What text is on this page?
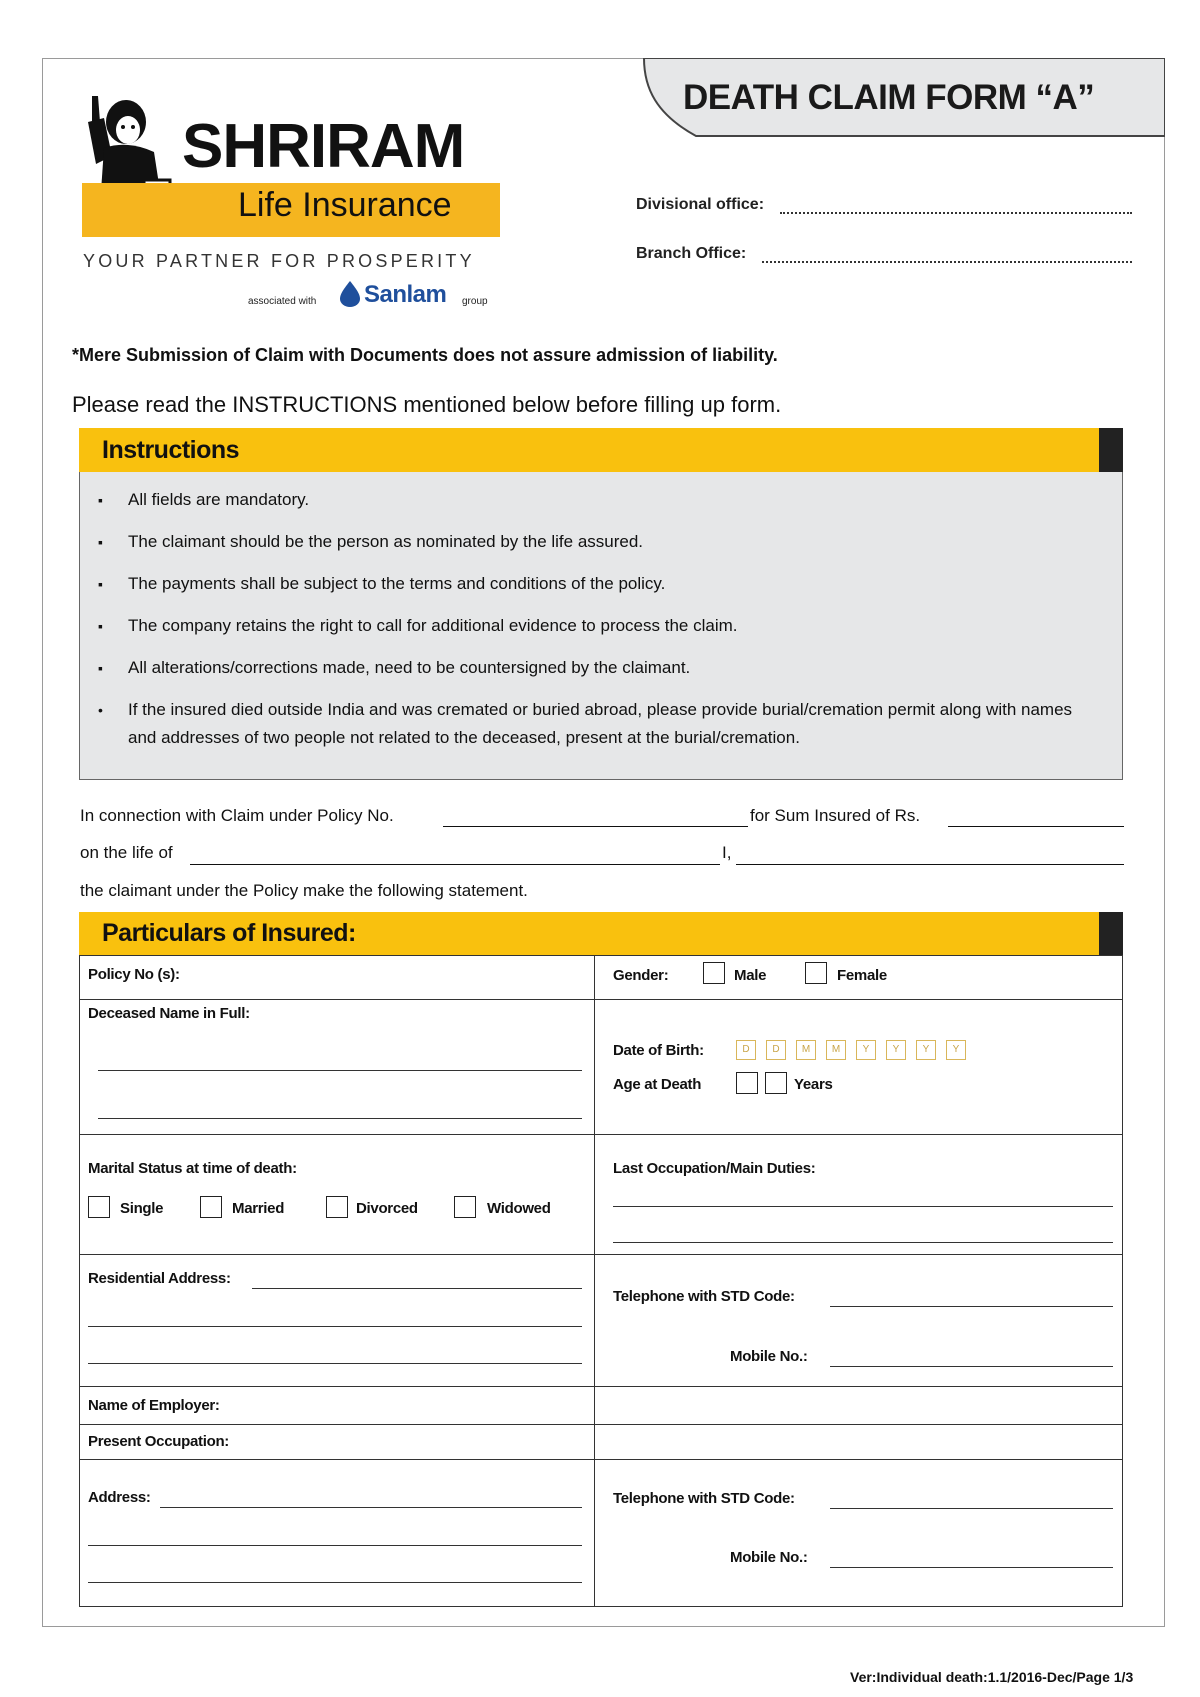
DEATH CLAIM FORM “A”
SHRIRAM
Life Insurance
YOUR PARTNER FOR PROSPERITY
associated with Sanlam group
Divisional office:
Branch Office:
*Mere Submission of Claim with Documents does not assure admission of liability.
Please read the INSTRUCTIONS mentioned below before filling up form.
Instructions
▪ All fields are mandatory.
▪ The claimant should be the person as nominated by the life assured.
▪ The payments shall be subject to the terms and conditions of the policy.
▪ The company retains the right to call for additional evidence to process the claim.
▪ All alterations/corrections made, need to be countersigned by the claimant.
• If the insured died outside India and was cremated or buried abroad, please provide burial/cremation permit along with names and addresses of two people not related to the deceased, present at the burial/cremation.
In connection with Claim under Policy No.	for Sum Insured of Rs.
on the life of	I,
the claimant under the Policy make the following statement.
Particulars of Insured:
Policy No (s):	Gender:	Male	Female
Deceased Name in Full:
Date of Birth:	D	D	M	M	Y	Y	Y	Y
Age at Death	Years
Marital Status at time of death:
Single	Married	Divorced	Widowed
Last Occupation/Main Duties:
Residential Address:
Telephone with STD Code:
Mobile No.:
Name of Employer:
Present Occupation:
Address:	Telephone with STD Code:
Mobile No.:
Ver:Individual death:1.1/2016-Dec/Page 1/3
